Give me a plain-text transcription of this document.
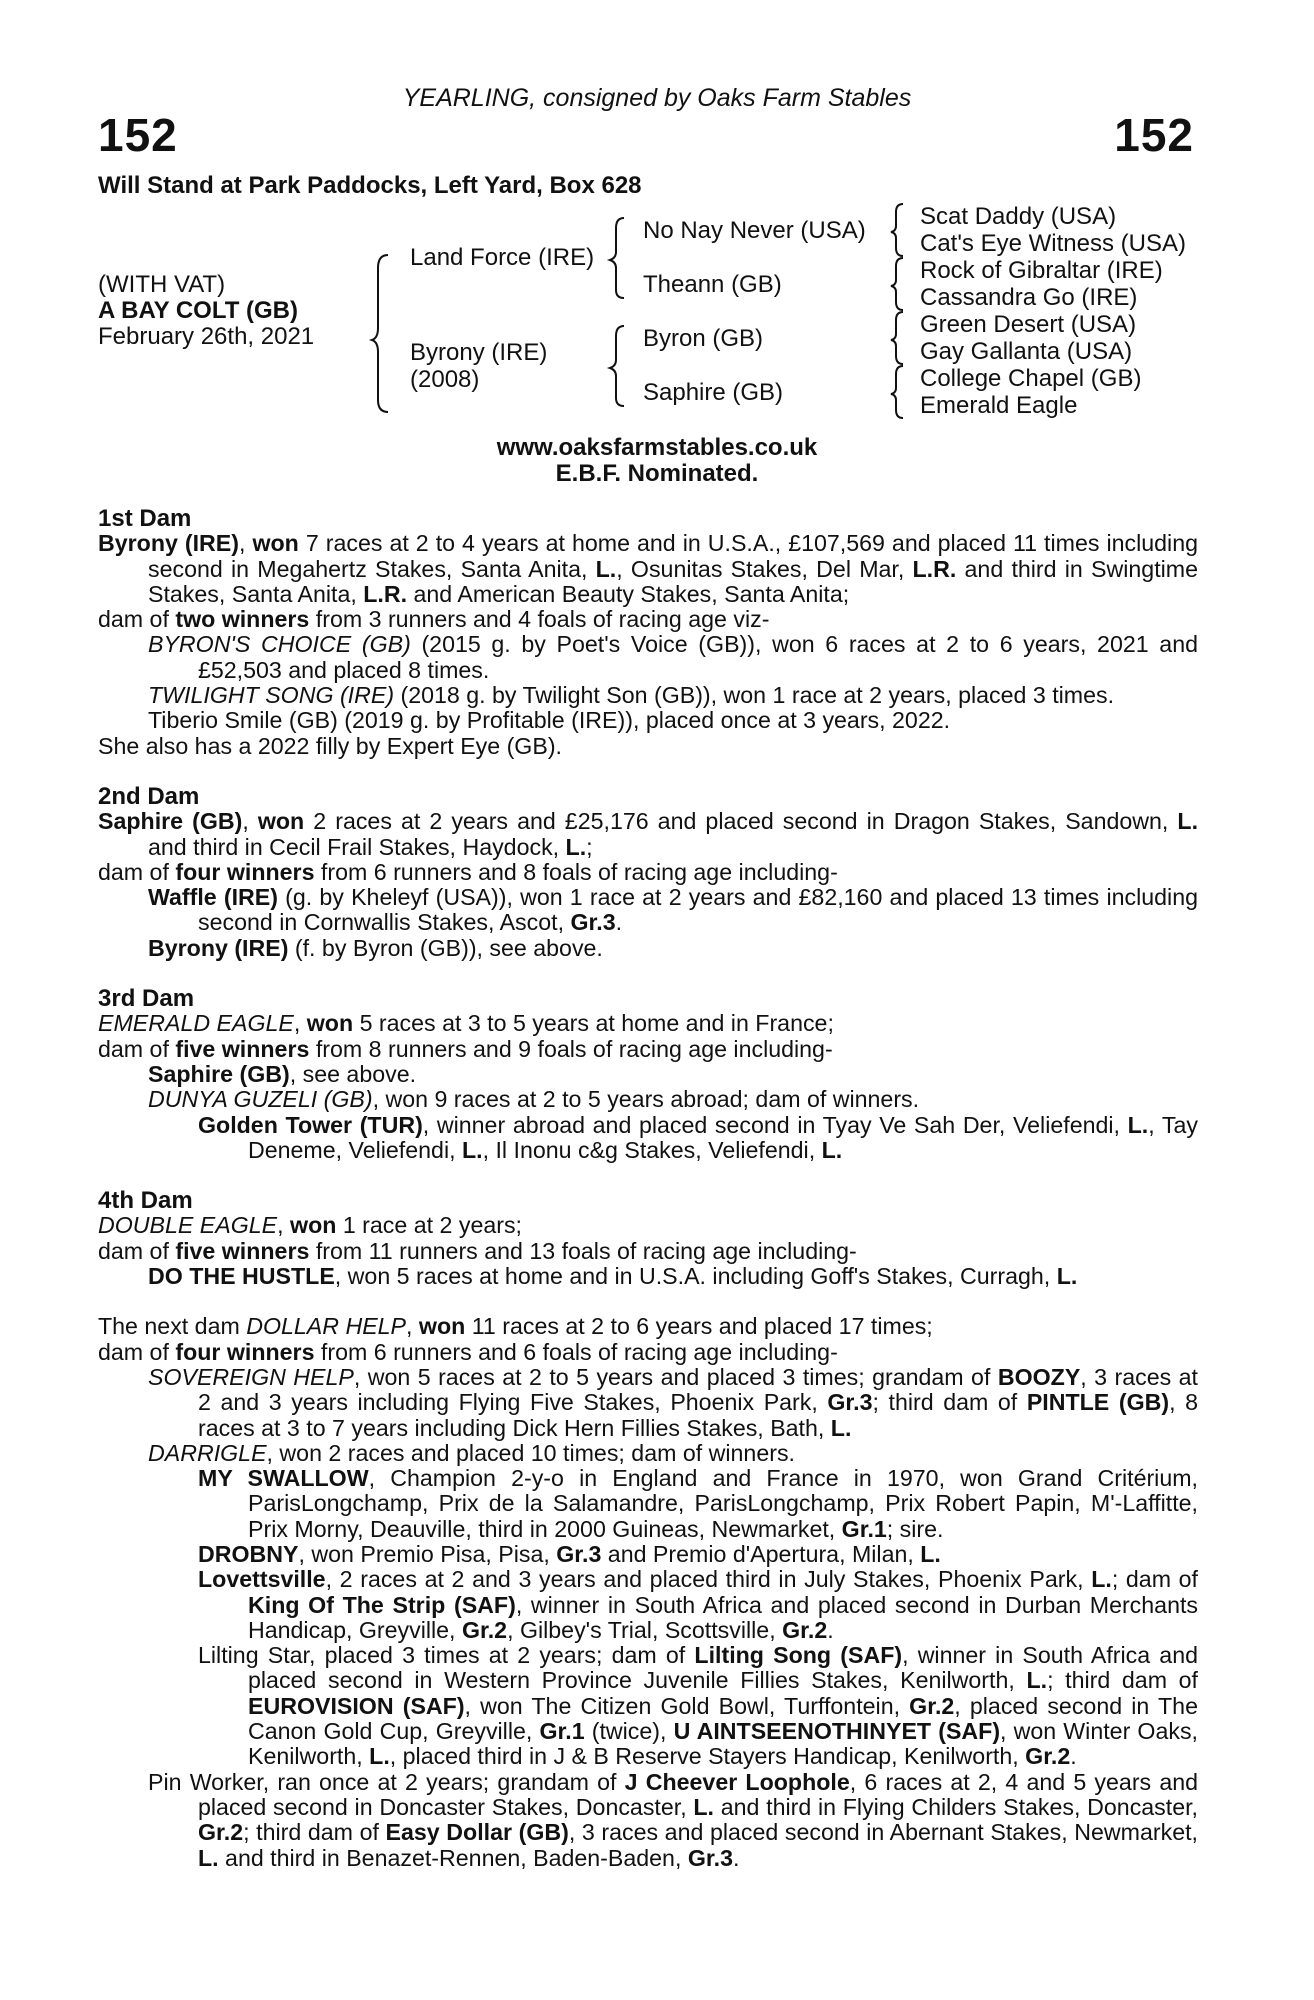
YEARLING, consigned by Oaks Farm Stables
152	152
Will Stand at Park Paddocks, Left Yard, Box 628
(WITH VAT)
A BAY COLT (GB)
February 26th, 2021
Land Force (IRE)
Byrony (IRE)
(2008)
No Nay Never (USA)
Theann (GB)
Byron (GB)
Saphire (GB)
Scat Daddy (USA)
Cat's Eye Witness (USA)
Rock of Gibraltar (IRE)
Cassandra Go (IRE)
Green Desert (USA)
Gay Gallanta (USA)
College Chapel (GB)
Emerald Eagle
www.oaksfarmstables.co.uk
E.B.F. Nominated.

1st Dam

Byrony (IRE), won 7 races at 2 to 4 years at home and in U.S.A., £107,569 and placed 11 times including second in Megahertz Stakes, Santa Anita, L., Osunitas Stakes, Del Mar, L.R. and third in Swingtime Stakes, Santa Anita, L.R. and American Beauty Stakes, Santa Anita;

dam of two winners from 3 runners and 4 foals of racing age viz-

BYRON'S CHOICE (GB) (2015 g. by Poet's Voice (GB)), won 6 races at 2 to 6 years, 2021 and £52,503 and placed 8 times.

TWILIGHT SONG (IRE) (2018 g. by Twilight Son (GB)), won 1 race at 2 years, placed 3 times.

Tiberio Smile (GB) (2019 g. by Profitable (IRE)), placed once at 3 years, 2022.

She also has a 2022 filly by Expert Eye (GB).

2nd Dam

Saphire (GB), won 2 races at 2 years and £25,176 and placed second in Dragon Stakes, Sandown, L. and third in Cecil Frail Stakes, Haydock, L.;

dam of four winners from 6 runners and 8 foals of racing age including-

Waffle (IRE) (g. by Kheleyf (USA)), won 1 race at 2 years and £82,160 and placed 13 times including second in Cornwallis Stakes, Ascot, Gr.3.

Byrony (IRE) (f. by Byron (GB)), see above.

3rd Dam

EMERALD EAGLE, won 5 races at 3 to 5 years at home and in France;

dam of five winners from 8 runners and 9 foals of racing age including-

Saphire (GB), see above.

DUNYA GUZELI (GB), won 9 races at 2 to 5 years abroad; dam of winners.

Golden Tower (TUR), winner abroad and placed second in Tyay Ve Sah Der, Veliefendi, L., Tay Deneme, Veliefendi, L., Il Inonu c&g Stakes, Veliefendi, L.

4th Dam

DOUBLE EAGLE, won 1 race at 2 years;

dam of five winners from 11 runners and 13 foals of racing age including-

DO THE HUSTLE, won 5 races at home and in U.S.A. including Goff's Stakes, Curragh, L.

The next dam DOLLAR HELP, won 11 races at 2 to 6 years and placed 17 times;

dam of four winners from 6 runners and 6 foals of racing age including-

SOVEREIGN HELP, won 5 races at 2 to 5 years and placed 3 times; grandam of BOOZY, 3 races at 2 and 3 years including Flying Five Stakes, Phoenix Park, Gr.3; third dam of PINTLE (GB), 8 races at 3 to 7 years including Dick Hern Fillies Stakes, Bath, L.

DARRIGLE, won 2 races and placed 10 times; dam of winners.

MY SWALLOW, Champion 2-y-o in England and France in 1970, won Grand Critérium, ParisLongchamp, Prix de la Salamandre, ParisLongchamp, Prix Robert Papin, M'-Laffitte, Prix Morny, Deauville, third in 2000 Guineas, Newmarket, Gr.1; sire.

DROBNY, won Premio Pisa, Pisa, Gr.3 and Premio d'Apertura, Milan, L.

Lovettsville, 2 races at 2 and 3 years and placed third in July Stakes, Phoenix Park, L.; dam of King Of The Strip (SAF), winner in South Africa and placed second in Durban Merchants Handicap, Greyville, Gr.2, Gilbey's Trial, Scottsville, Gr.2.

Lilting Star, placed 3 times at 2 years; dam of Lilting Song (SAF), winner in South Africa and placed second in Western Province Juvenile Fillies Stakes, Kenilworth, L.; third dam of EUROVISION (SAF), won The Citizen Gold Bowl, Turffontein, Gr.2, placed second in The Canon Gold Cup, Greyville, Gr.1 (twice), U AINTSEENOTHINYET (SAF), won Winter Oaks, Kenilworth, L., placed third in J & B Reserve Stayers Handicap, Kenilworth, Gr.2.

Pin Worker, ran once at 2 years; grandam of J Cheever Loophole, 6 races at 2, 4 and 5 years and placed second in Doncaster Stakes, Doncaster, L. and third in Flying Childers Stakes, Doncaster, Gr.2; third dam of Easy Dollar (GB), 3 races and placed second in Abernant Stakes, Newmarket, L. and third in Benazet-Rennen, Baden-Baden, Gr.3.
